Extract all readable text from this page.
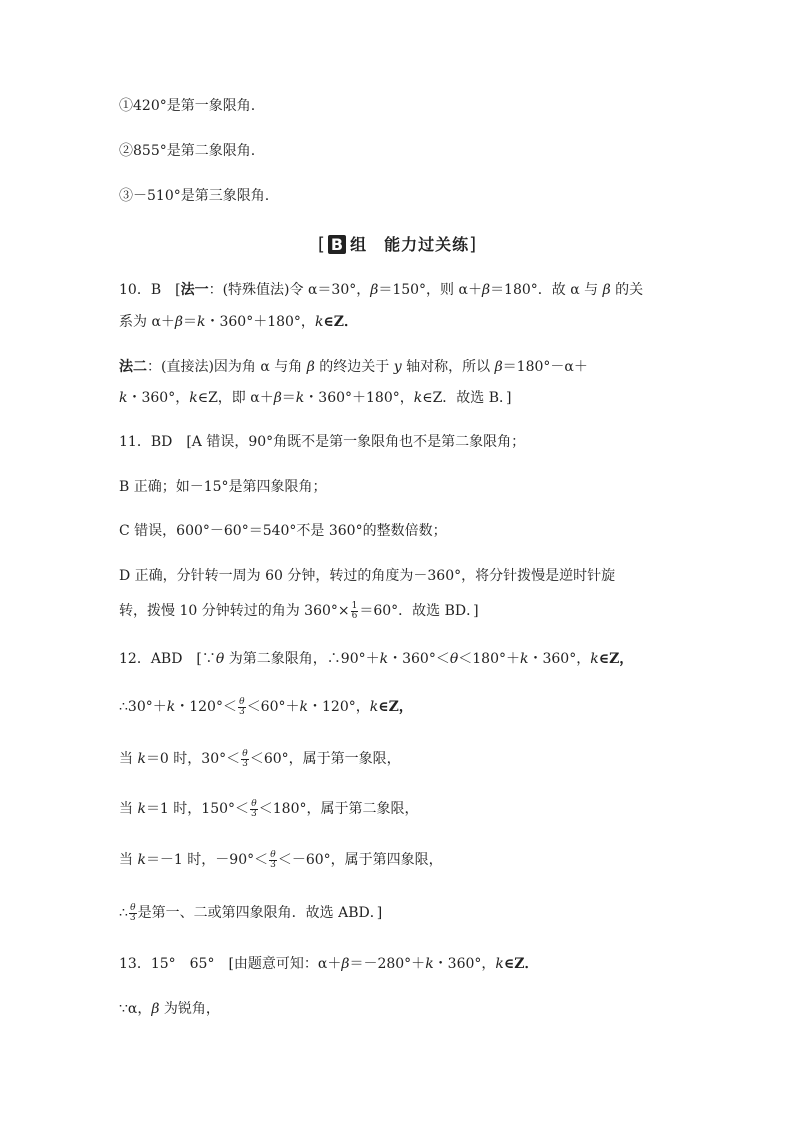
①420°是第一象限角.
②855°是第二象限角.
③－510°是第三象限角.
[ B 组　能力过关练]
10．B　[法一：(特殊值法)令 α＝30°，β＝150°，则 α＋β＝180°．故 α 与 β 的关
系为 α＋β＝k・360°＋180°，k∈Z．
法二：(直接法)因为角 α 与角 β 的终边关于 y 轴对称，所以 β＝180°－α＋
k・360°，k∈Z，即 α＋β＝k・360°＋180°，k∈Z．故选 B．]
11．BD　[A 错误，90°角既不是第一象限角也不是第二象限角；
B 正确；如－15°是第四象限角；
C 错误，600°－60°＝540°不是 360°的整数倍数；
D 正确，分针转一周为 60 分钟，转过的角度为－360°，将分针拨慢是逆时针旋
转，拨慢 10 分钟转过的角为 $360^\circ\times \frac{1}{6} =60^\circ$．故选 BD．]
12．ABD　[∵θ 为第二象限角，∴90°＋k・360°＜θ＜180°＋k・360°，k∈Z，
∴30°＋k・$120^\circ< \frac{\theta}{3} <60^\circ+k$・120°，k∈Z，
当 k＝0 时，$30^\circ< \frac{\theta}{3} <60^\circ$，属于第一象限，
当 k＝1 时，$150^\circ< \frac{\theta}{3} <180^\circ$，属于第二象限，
当 k＝－1 时，$-90^\circ< \frac{\theta}{3} <-60^\circ$，属于第四象限，
∴ $\frac{\theta}{3}$ 是第一、二或第四象限角．故选 ABD．]
13．15°　65°　[由题意可知：α＋β＝－280°＋k・360°，k∈Z．
∵α，β 为锐角，
